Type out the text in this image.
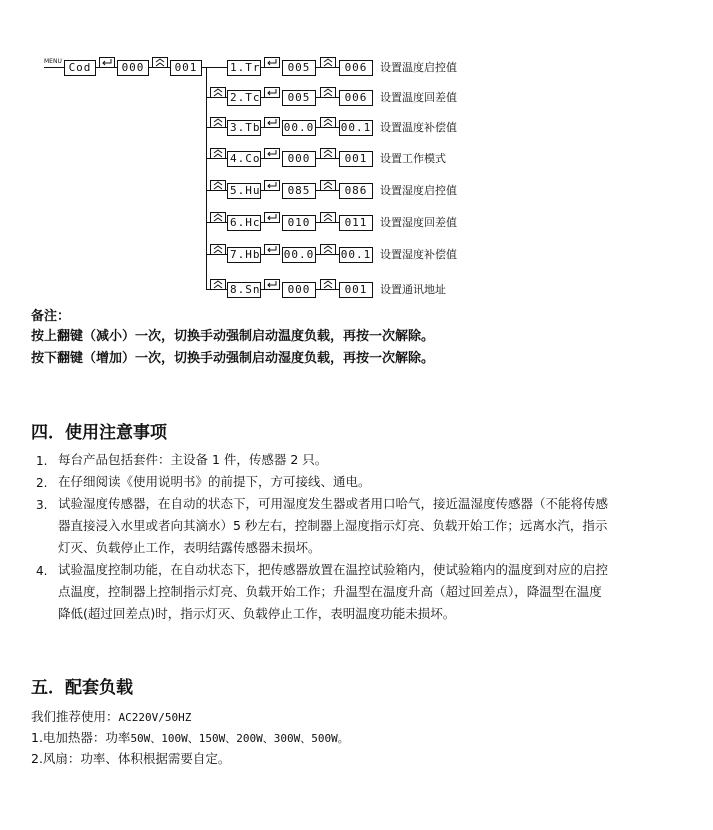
MENU Cod	000	001	1.Tr	005	006	设置温度启控值
2.Tc	005	006	设置温度回差值
3.Tb 00.0 00.1 设置温度补偿值
4.Co	000	001	设置工作模式
5.Hu	085	086	设置湿度启控值
6.Hc	010	011	设置湿度回差值
7.Hb 00.0 00.1 设置湿度补偿值
8.Sn	000	001	设置通讯地址
备注：
按上翻键（减小）一次，切换手动强制启动温度负载，再按一次解除。
按下翻键（增加）一次，切换手动强制启动湿度负载，再按一次解除。
四．使用注意事项
1. 每台产品包括套件：主设备 1 件，传感器 2 只。
2. 在仔细阅读《使用说明书》的前提下，方可接线、通电。
3. 试验湿度传感器，在自动的状态下，可用湿度发生器或者用口哈气，接近温湿度传感器（不能将传感
器直接浸入水里或者向其滴水）5 秒左右，控制器上湿度指示灯亮、负载开始工作；远离水汽，指示
灯灭、负载停止工作，表明结露传感器未损坏。
4. 试验温度控制功能，在自动状态下，把传感器放置在温控试验箱内，使试验箱内的温度到对应的启控
点温度，控制器上控制指示灯亮、负载开始工作；升温型在温度升高（超过回差点），降温型在温度
降低(超过回差点)时，指示灯灭、负载停止工作，表明温度功能未损坏。
五．配套负载
我们推荐使用：AC220V/50HZ
1.电加热器：功率50W、100W、150W、200W、300W、500W。
2.风扇：功率、体积根据需要自定。
